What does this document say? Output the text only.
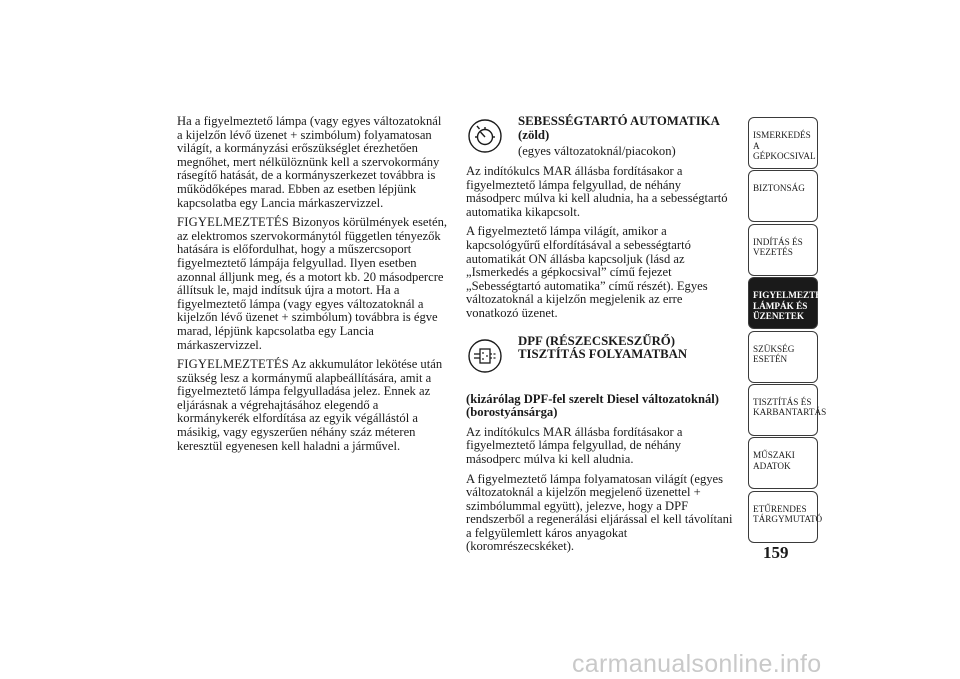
Ha a figyelmeztető lámpa (vagy egyes változatoknál a kijelzőn lévő üzenet + szimbólum) folyamatosan világít, a kormányzási erőszükséglet érezhetően megnőhet, mert nélkülöznünk kell a szervokormány rásegítő hatását, de a kormányszerkezet továbbra is működőképes marad. Ebben az esetben lépjünk kapcsolatba egy Lancia márkaszervizzel.

FIGYELMEZTETÉS Bizonyos körülmények esetén, az elektromos szervokormánytól független tényezők hatására is előfordulhat, hogy a műszercsoport figyelmeztető lámpája felgyullad. Ilyen esetben azonnal álljunk meg, és a motort kb. 20 másodpercre állítsuk le, majd indítsuk újra a motort. Ha a figyelmeztető lámpa (vagy egyes változatoknál a kijelzőn lévő üzenet + szimbólum) továbbra is égve marad, lépjünk kapcsolatba egy Lancia márkaszervizzel.

FIGYELMEZTETÉS Az akkumulátor lekötése után szükség lesz a kormánymű alapbeállítására, amit a figyelmeztető lámpa felgyulladása jelez. Ennek az eljárásnak a végrehajtásához elegendő a kormánykerék elfordítása az egyik végállástól a másikig, vagy egyszerűen néhány száz méteren keresztül egyenesen kell haladni a járművel.

SEBESSÉGTARTÓ AUTOMATIKA (zöld)

(egyes változatoknál/piacokon)

Az indítókulcs MAR állásba fordításakor a figyelmeztető lámpa felgyullad, de néhány másodperc múlva ki kell aludnia, ha a sebességtartó automatika kikapcsolt.

A figyelmeztető lámpa világít, amikor a kapcsológyűrű elfordításával a sebességtartó automatikát ON állásba kapcsoljuk (lásd az „Ismerkedés a gépkocsival” című fejezet „Sebességtartó automatika” című részét). Egyes változatoknál a kijelzőn megjelenik az erre vonatkozó üzenet.

DPF (RÉSZECSKESZŰRŐ) TISZTÍTÁS FOLYAMATBAN

(kizárólag DPF-fel szerelt Diesel változatoknál) (borostyánsárga)

Az indítókulcs MAR állásba fordításakor a figyelmeztető lámpa felgyullad, de néhány másodperc múlva ki kell aludnia.

A figyelmeztető lámpa folyamatosan világít (egyes változatoknál a kijelzőn megjelenő üzenettel + szimbólummal együtt), jelezve, hogy a DPF rendszerből a regenerálási eljárással el kell távolítani a felgyülemlett káros anyagokat (koromrészecskéket).

ISMERKEDÉS A GÉPKOCSIVAL
BIZTONSÁG
INDÍTÁS ÉS VEZETÉS
FIGYELMEZTETŐ LÁMPÁK ÉS ÜZENETEK
SZÜKSÉG ESETÉN
TISZTÍTÁS ÉS KARBANTARTÁS
MŰSZAKI ADATOK
ETŰRENDES TÁRGYMUTATÓ
159
carmanualsonline.info
